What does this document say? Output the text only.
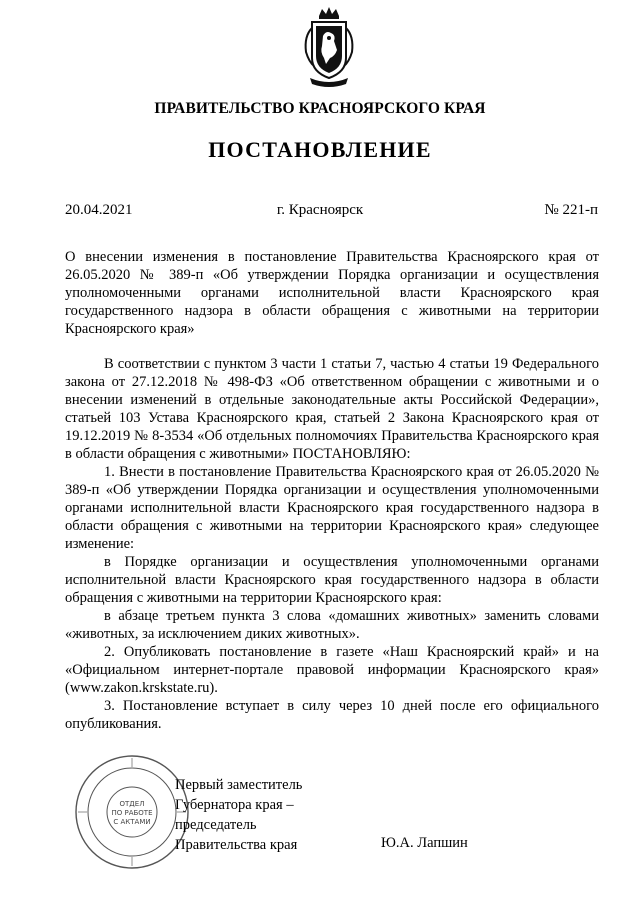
ПРАВИТЕЛЬСТВО КРАСНОЯРСКОГО КРАЯ
ПОСТАНОВЛЕНИЕ
20.04.2021	г. Красноярск	№ 221-п

О внесении изменения в постановление Правительства Красноярского края от 26.05.2020 № 389-п «Об утверждении Порядка организации и осуществления уполномоченными органами исполнительной власти Красноярского края государственного надзора в области обращения с животными на территории Красноярского края»

В соответствии с пунктом 3 части 1 статьи 7, частью 4 статьи 19 Федерального закона от 27.12.2018 № 498-ФЗ «Об ответственном обращении с животными и о внесении изменений в отдельные законодательные акты Российской Федерации», статьей 103 Устава Красноярского края, статьей 2 Закона Красноярского края от 19.12.2019 № 8-3534 «Об отдельных полномочиях Правительства Красноярского края в области обращения с животными» ПОСТАНОВЛЯЮ:

1. Внести в постановление Правительства Красноярского края от 26.05.2020 № 389-п «Об утверждении Порядка организации и осуществления уполномоченными органами исполнительной власти Красноярского края государственного надзора в области обращения с животными на территории Красноярского края» следующее изменение:

в Порядке организации и осуществления уполномоченными органами исполнительной власти Красноярского края государственного надзора в области обращения с животными на территории Красноярского края:

в абзаце третьем пункта 3 слова «домашних животных» заменить словами «животных, за исключением диких животных».

2. Опубликовать постановление в газете «Наш Красноярский край» и на «Официальном интернет-портале правовой информации Красноярского края» (www.zakon.krskstate.ru).

3. Постановление вступает в силу через 10 дней после его официального опубликования.

ОТДЕЛ
ПО РАБОТЕ
С АКТАМИ
Первый заместитель
Губернатора края –
председатель
Правительства края	Ю.А. Лапшин
